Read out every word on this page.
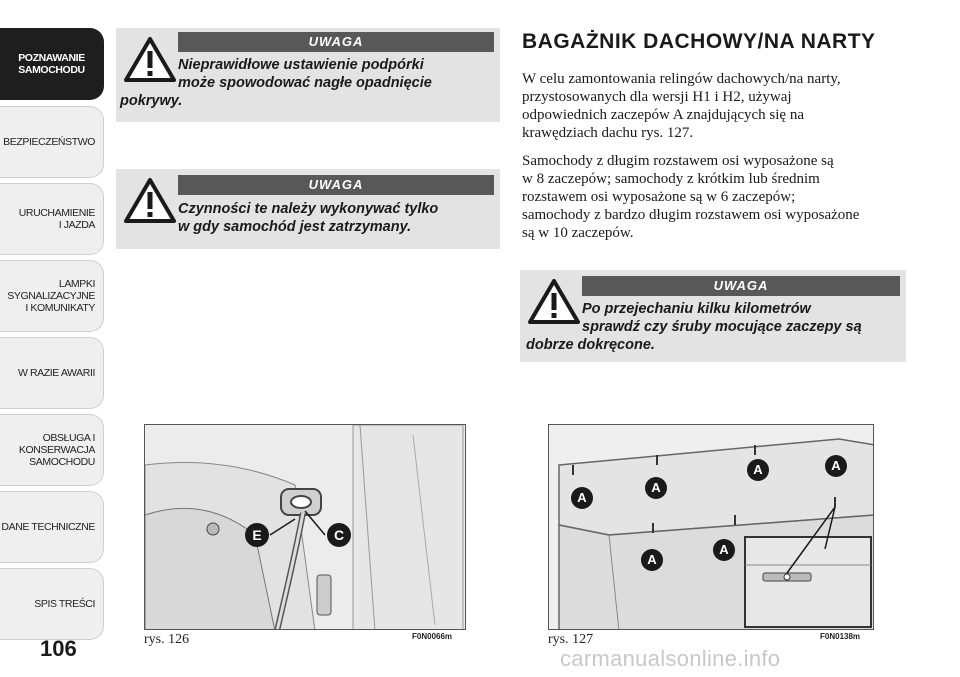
POZNAWANIE
SAMOCHODU
BEZPIECZEŃSTWO
URUCHAMIENIE
I JAZDA
LAMPKI
SYGNALIZACYJNE
I KOMUNIKATY
W RAZIE AWARII
OBSŁUGA I
KONSERWACJA
SAMOCHODU
DANE TECHNICZNE
SPIS TREŚCI
106
UWAGA
Nieprawidłowe ustawienie podpórki
może spowodować nagłe opadnięcie
pokrywy.
UWAGA
Czynności te należy wykonywać tylko
w gdy samochód jest zatrzymany.
BAGAŻNIK DACHOWY/NA NARTY
W celu zamontowania relingów dachowych/na narty,
przystosowanych dla wersji H1 i H2, używaj
odpowiednich zaczepów A znajdujących się na
krawędziach dachu rys. 127.
Samochody z długim rozstawem osi wyposażone są
w 8 zaczepów; samochody z krótkim lub średnim
rozstawem osi wyposażone są w 6 zaczepów;
samochody z bardzo długim rozstawem osi wyposażone
są w 10 zaczepów.
UWAGA
Po przejechaniu kilku kilometrów
sprawdź czy śruby mocujące zaczepy są
dobrze dokręcone.
E	C
rys. 126	F0N0066m
A
A
A	A
A
A
rys. 127	F0N0138m
carmanualsonline.info
